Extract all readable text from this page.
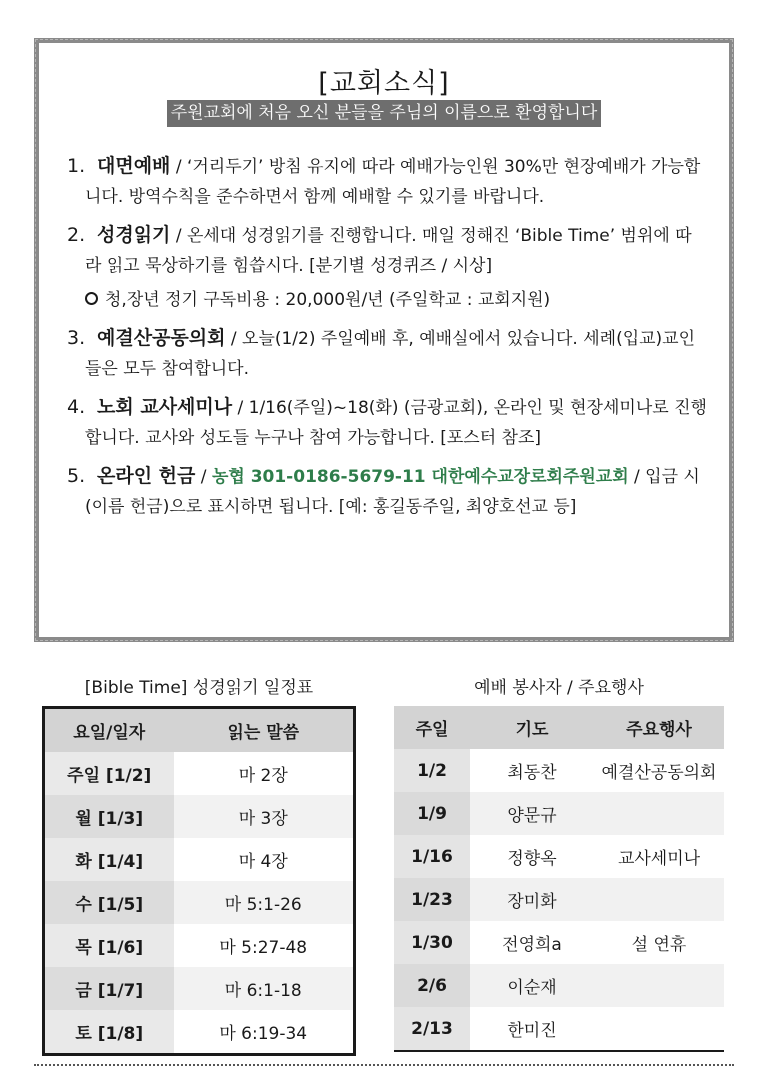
[교회소식]
주원교회에 처음 오신 분들을 주님의 이름으로 환영합니다
1. 대면예배 / ‘거리두기’ 방침 유지에 따라 예배가능인원 30%만 현장예배가 가능합니다. 방역수칙을 준수하면서 함께 예배할 수 있기를 바랍니다.
2. 성경읽기 / 온세대 성경읽기를 진행합니다. 매일 정해진 ‘Bible Time’ 범위에 따라 읽고 묵상하기를 힘씁시다. [분기별 성경퀴즈 / 시상]
청,장년 정기 구독비용 : 20,000원/년 (주일학교 : 교회지원)
3. 예결산공동의회 / 오늘(1/2) 주일예배 후, 예배실에서 있습니다. 세례(입교)교인들은 모두 참여합니다.
4. 노회 교사세미나 / 1/16(주일)~18(화) (금광교회), 온라인 및 현장세미나로 진행합니다. 교사와 성도들 누구나 참여 가능합니다. [포스터 참조]
5. 온라인 헌금 / 농협 301-0186-5679-11 대한예수교장로회주원교회 / 입금 시 (이름 헌금)으로 표시하면 됩니다. [예: 홍길동주일, 최양호선교 등]
[Bible Time] 성경읽기 일정표
요일/일자	읽는 말씀
주일 [1/2]	마 2장
월 [1/3]	마 3장
화 [1/4]	마 4장
수 [1/5]	마 5:1-26
목 [1/6]	마 5:27-48
금 [1/7]	마 6:1-18
토 [1/8]	마 6:19-34
예배 봉사자 / 주요행사
주일	기도	주요행사
1/2	최동찬	예결산공동의회
1/9	양문규	
1/16	정향옥	교사세미나
1/23	장미화	
1/30	전영희a	설 연휴
2/6	이순재	
2/13	한미진	
